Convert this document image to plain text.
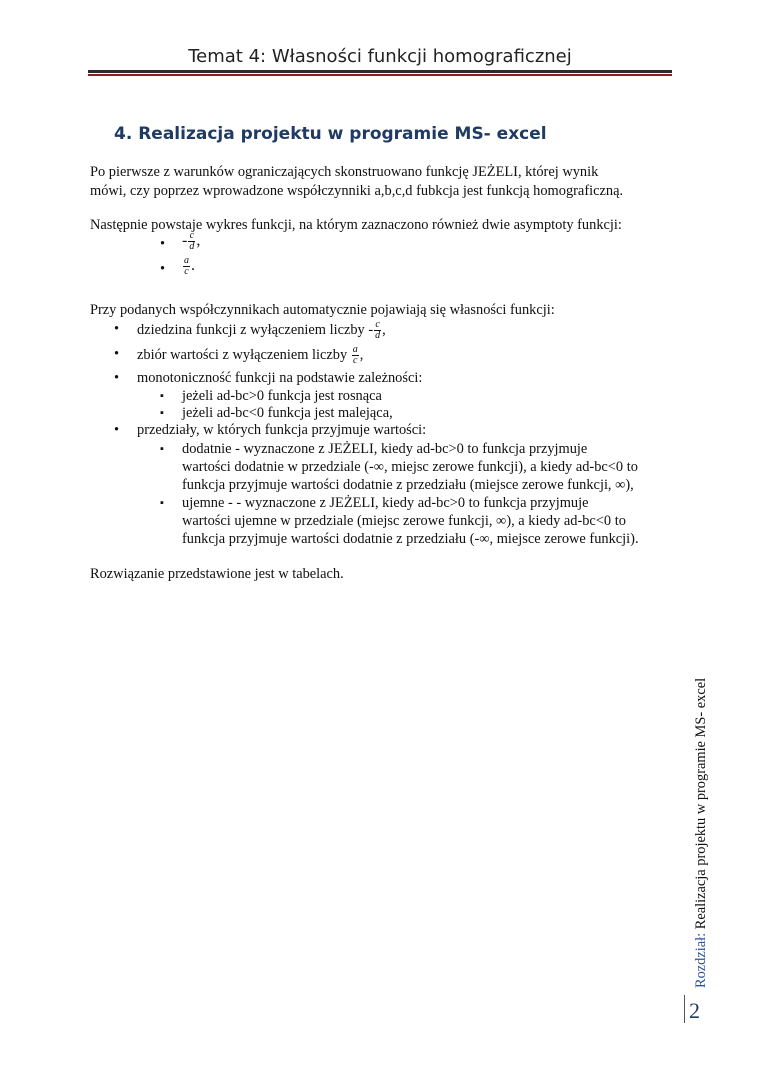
Temat 4: Własności funkcji homograficznej
4. Realizacja projektu w programie MS- excel
Po pierwsze z warunków ograniczających skonstruowano funkcję JEŻELI, której wynik
mówi, czy poprzez wprowadzone współczynniki a,b,c,d fubkcja jest funkcją homograficzną.
Następnie powstaje wykres funkcji, na którym zaznaczono również dwie asymptoty funkcji:
• - $\frac{c}{d}$ ,
• $\frac{a}{c}$ .
Przy podanych współczynnikach automatycznie pojawiają się własności funkcji:
• dziedzina funkcji z wyłączeniem liczby - $\frac{c}{d}$ ,
• zbiór wartości z wyłączeniem liczby $\frac{a}{c}$ ,
• monotoniczność funkcji na podstawie zależności:
▪ jeżeli ad-bc>0 funkcja jest rosnąca
▪ jeżeli ad-bc<0 funkcja jest malejąca,
• przedziały, w których funkcja przyjmuje wartości:
▪ dodatnie - wyznaczone z JEŻELI, kiedy ad-bc>0 to funkcja przyjmuje
wartości dodatnie w przedziale (-∞, miejsc zerowe funkcji), a kiedy ad-bc<0 to
funkcja przyjmuje wartości dodatnie z przedziału (miejsce zerowe funkcji, ∞),
▪ ujemne - - wyznaczone z JEŻELI, kiedy ad-bc>0 to funkcja przyjmuje
wartości ujemne w przedziale (miejsc zerowe funkcji, ∞), a kiedy ad-bc<0 to
funkcja przyjmuje wartości dodatnie z przedziału (-∞, miejsce zerowe funkcji).
Rozwiązanie przedstawione jest w tabelach.
Rozdział: Realizacja projektu w programie MS- excel
2
